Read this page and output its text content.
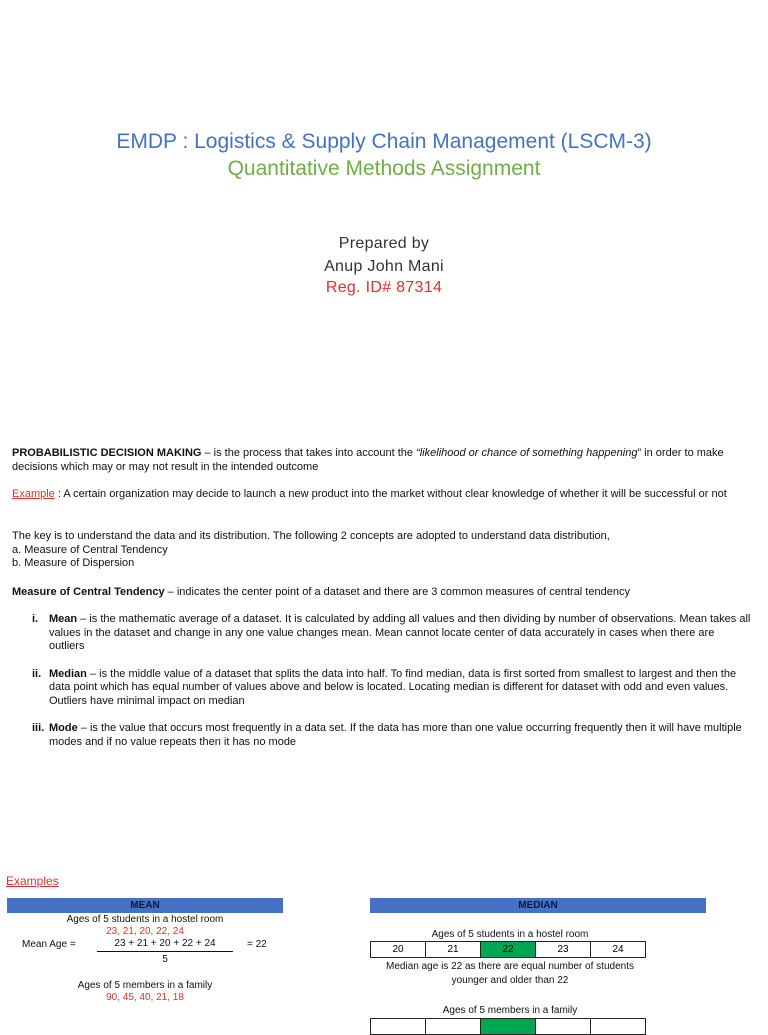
EMDP : Logistics & Supply Chain Management (LSCM-3)
Quantitative Methods Assignment
Prepared by
Anup John Mani
Reg. ID# 87314
PROBABILISTIC DECISION MAKING – is the process that takes into account the “likelihood or chance of something happening” in order to make decisions which may or may not result in the intended outcome
Example : A certain organization may decide to launch a new product into the market without clear knowledge of whether it will be successful or not
The key is to understand the data and its distribution. The following 2 concepts are adopted to understand data distribution,
a. Measure of Central Tendency
b. Measure of Dispersion
Measure of Central Tendency – indicates the center point of a dataset and there are 3 common measures of central tendency
i. Mean – is the mathematic average of a dataset. It is calculated by adding all values and then dividing by number of observations. Mean takes all values in the dataset and change in any one value changes mean. Mean cannot locate center of data accurately in cases when there are outliers
ii. Median – is the middle value of a dataset that splits the data into half. To find median, data is first sorted from smallest to largest and then the data point which has equal number of values above and below is located. Locating median is different for dataset with odd and even values. Outliers have minimal impact on median
iii. Mode – is the value that occurs most frequently in a data set. If the data has more than one value occurring frequently then it will have multiple modes and if no value repeats then it has no mode
Examples
MEAN
Ages of 5 students in a hostel room
23, 21, 20, 22, 24
Mean Age =	23 + 21 + 20 + 22 + 24
5
= 22
Ages of 5 members in a family
90, 45, 40, 21, 18
MEDIAN
Ages of 5 students in a hostel room
20	21	22	23	24
Median age is 22 as there are equal number of students younger and older than 22
Ages of 5 members in a family
